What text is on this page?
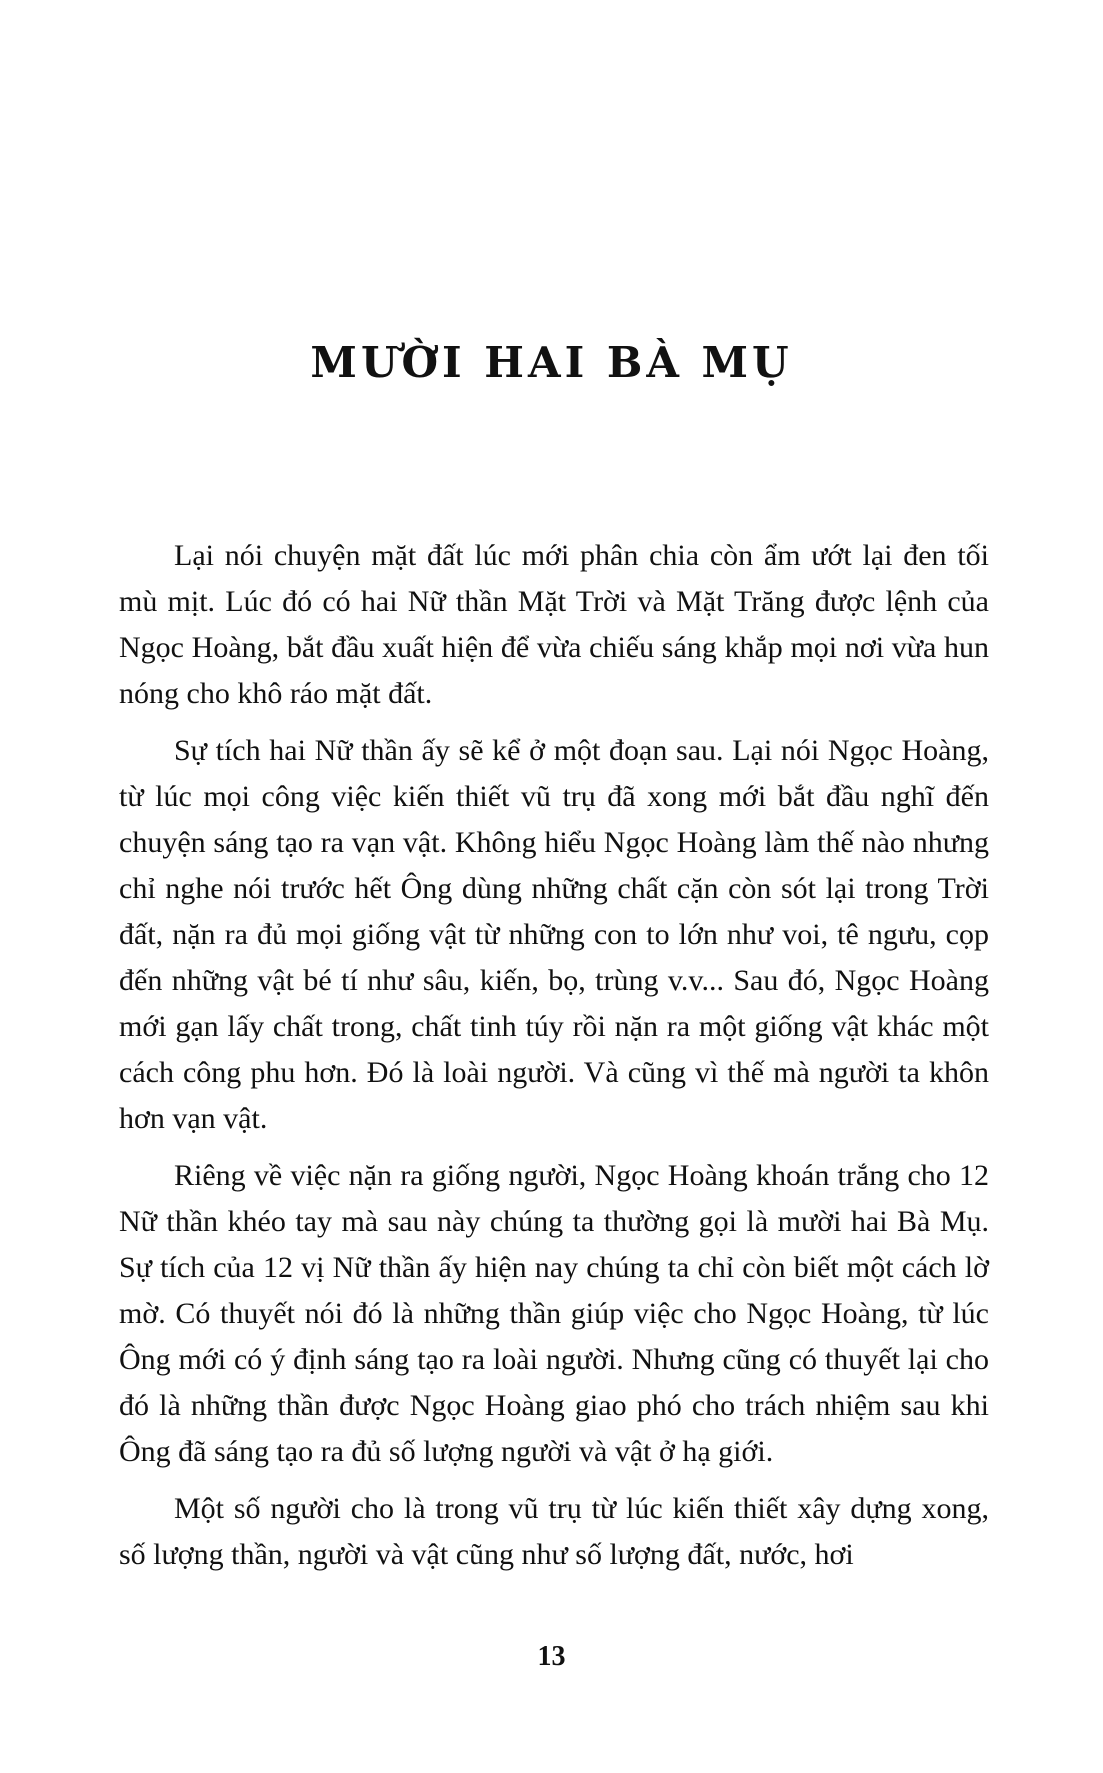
MƯỜI HAI BÀ MỤ

Lại nói chuyện mặt đất lúc mới phân chia còn ẩm ướt lại đen tối mù mịt. Lúc đó có hai Nữ thần Mặt Trời và Mặt Trăng được lệnh của Ngọc Hoàng, bắt đầu xuất hiện để vừa chiếu sáng khắp mọi nơi vừa hun nóng cho khô ráo mặt đất.

Sự tích hai Nữ thần ấy sẽ kể ở một đoạn sau. Lại nói Ngọc Hoàng, từ lúc mọi công việc kiến thiết vũ trụ đã xong mới bắt đầu nghĩ đến chuyện sáng tạo ra vạn vật. Không hiểu Ngọc Hoàng làm thế nào nhưng chỉ nghe nói trước hết Ông dùng những chất cặn còn sót lại trong Trời đất, nặn ra đủ mọi giống vật từ những con to lớn như voi, tê ngưu, cọp đến những vật bé tí như sâu, kiến, bọ, trùng v.v... Sau đó, Ngọc Hoàng mới gạn lấy chất trong, chất tinh túy rồi nặn ra một giống vật khác một cách công phu hơn. Đó là loài người. Và cũng vì thế mà người ta khôn hơn vạn vật.

Riêng về việc nặn ra giống người, Ngọc Hoàng khoán trắng cho 12 Nữ thần khéo tay mà sau này chúng ta thường gọi là mười hai Bà Mụ. Sự tích của 12 vị Nữ thần ấy hiện nay chúng ta chỉ còn biết một cách lờ mờ. Có thuyết nói đó là những thần giúp việc cho Ngọc Hoàng, từ lúc Ông mới có ý định sáng tạo ra loài người. Nhưng cũng có thuyết lại cho đó là những thần được Ngọc Hoàng giao phó cho trách nhiệm sau khi Ông đã sáng tạo ra đủ số lượng người và vật ở hạ giới.

Một số người cho là trong vũ trụ từ lúc kiến thiết xây dựng xong, số lượng thần, người và vật cũng như số lượng đất, nước, hơi

13
